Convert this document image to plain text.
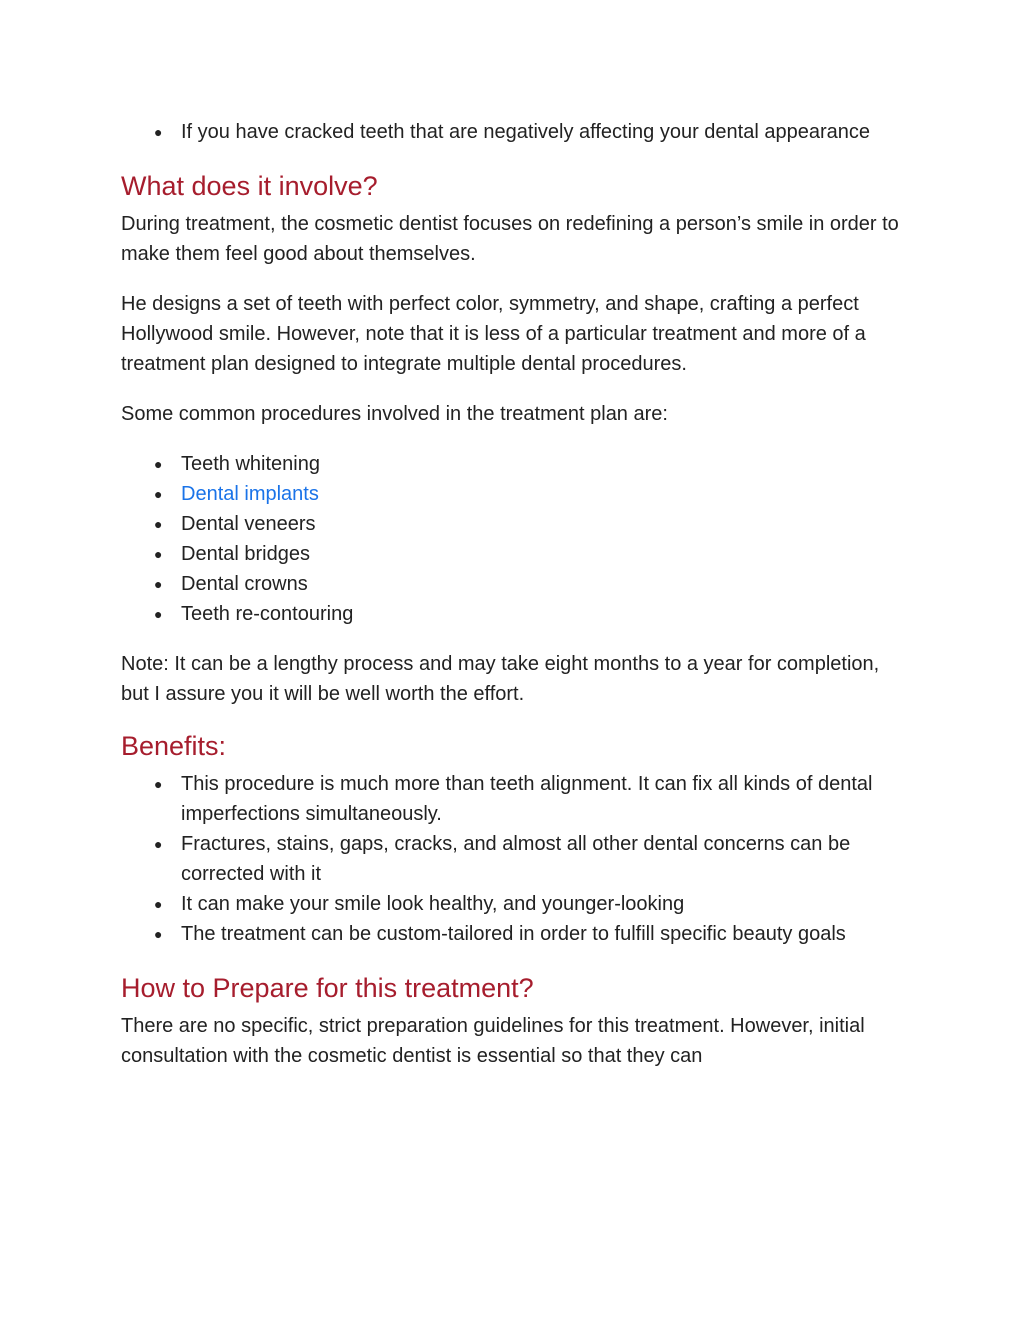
● If you have cracked teeth that are negatively affecting your dental appearance
What does it involve?

During treatment, the cosmetic dentist focuses on redefining a person’s smile in order to make them feel good about themselves.

He designs a set of teeth with perfect color, symmetry, and shape, crafting a perfect Hollywood smile. However, note that it is less of a particular treatment and more of a treatment plan designed to integrate multiple dental procedures.

Some common procedures involved in the treatment plan are:

● Teeth whitening
● Dental implants
● Dental veneers
● Dental bridges
● Dental crowns
● Teeth re-contouring

Note: It can be a lengthy process and may take eight months to a year for completion, but I assure you it will be well worth the effort.

Benefits:
● This procedure is much more than teeth alignment. It can fix all kinds of dental imperfections simultaneously.
● Fractures, stains, gaps, cracks, and almost all other dental concerns can be corrected with it
● It can make your smile look healthy, and younger-looking
● The treatment can be custom-tailored in order to fulfill specific beauty goals
How to Prepare for this treatment?

There are no specific, strict preparation guidelines for this treatment. However, initial consultation with the cosmetic dentist is essential so that they can
